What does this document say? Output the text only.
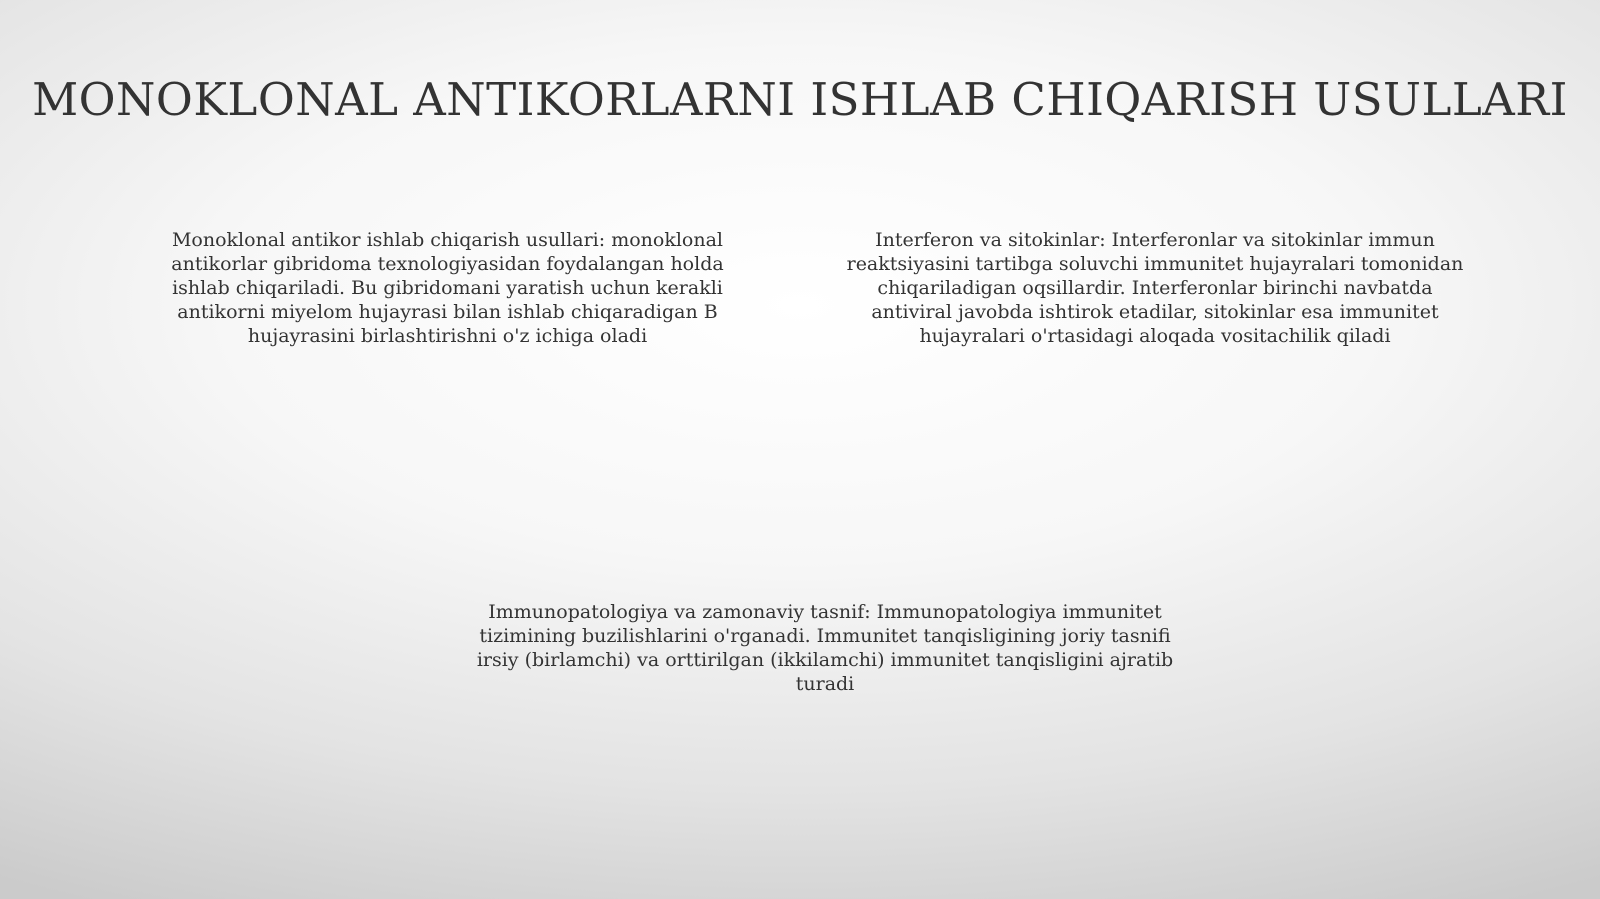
MONOKLONAL ANTIKORLARNI ISHLAB CHIQARISH USULLARI

Monoklonal antikor ishlab chiqarish usullari: monoklonal antikorlar gibridoma texnologiyasidan foydalangan holda ishlab chiqariladi. Bu gibridomani yaratish uchun kerakli antikorni miyelom hujayrasi bilan ishlab chiqaradigan B hujayrasini birlashtirishni o'z ichiga oladi

Interferon va sitokinlar: Interferonlar va sitokinlar immun reaktsiyasini tartibga soluvchi immunitet hujayralari tomonidan chiqariladigan oqsillardir. Interferonlar birinchi navbatda antiviral javobda ishtirok etadilar, sitokinlar esa immunitet hujayralari o'rtasidagi aloqada vositachilik qiladi

Immunopatologiya va zamonaviy tasnif: Immunopatologiya immunitet tizimining buzilishlarini o'rganadi. Immunitet tanqisligining joriy tasnifi irsiy (birlamchi) va orttirilgan (ikkilamchi) immunitet tanqisligini ajratib turadi
